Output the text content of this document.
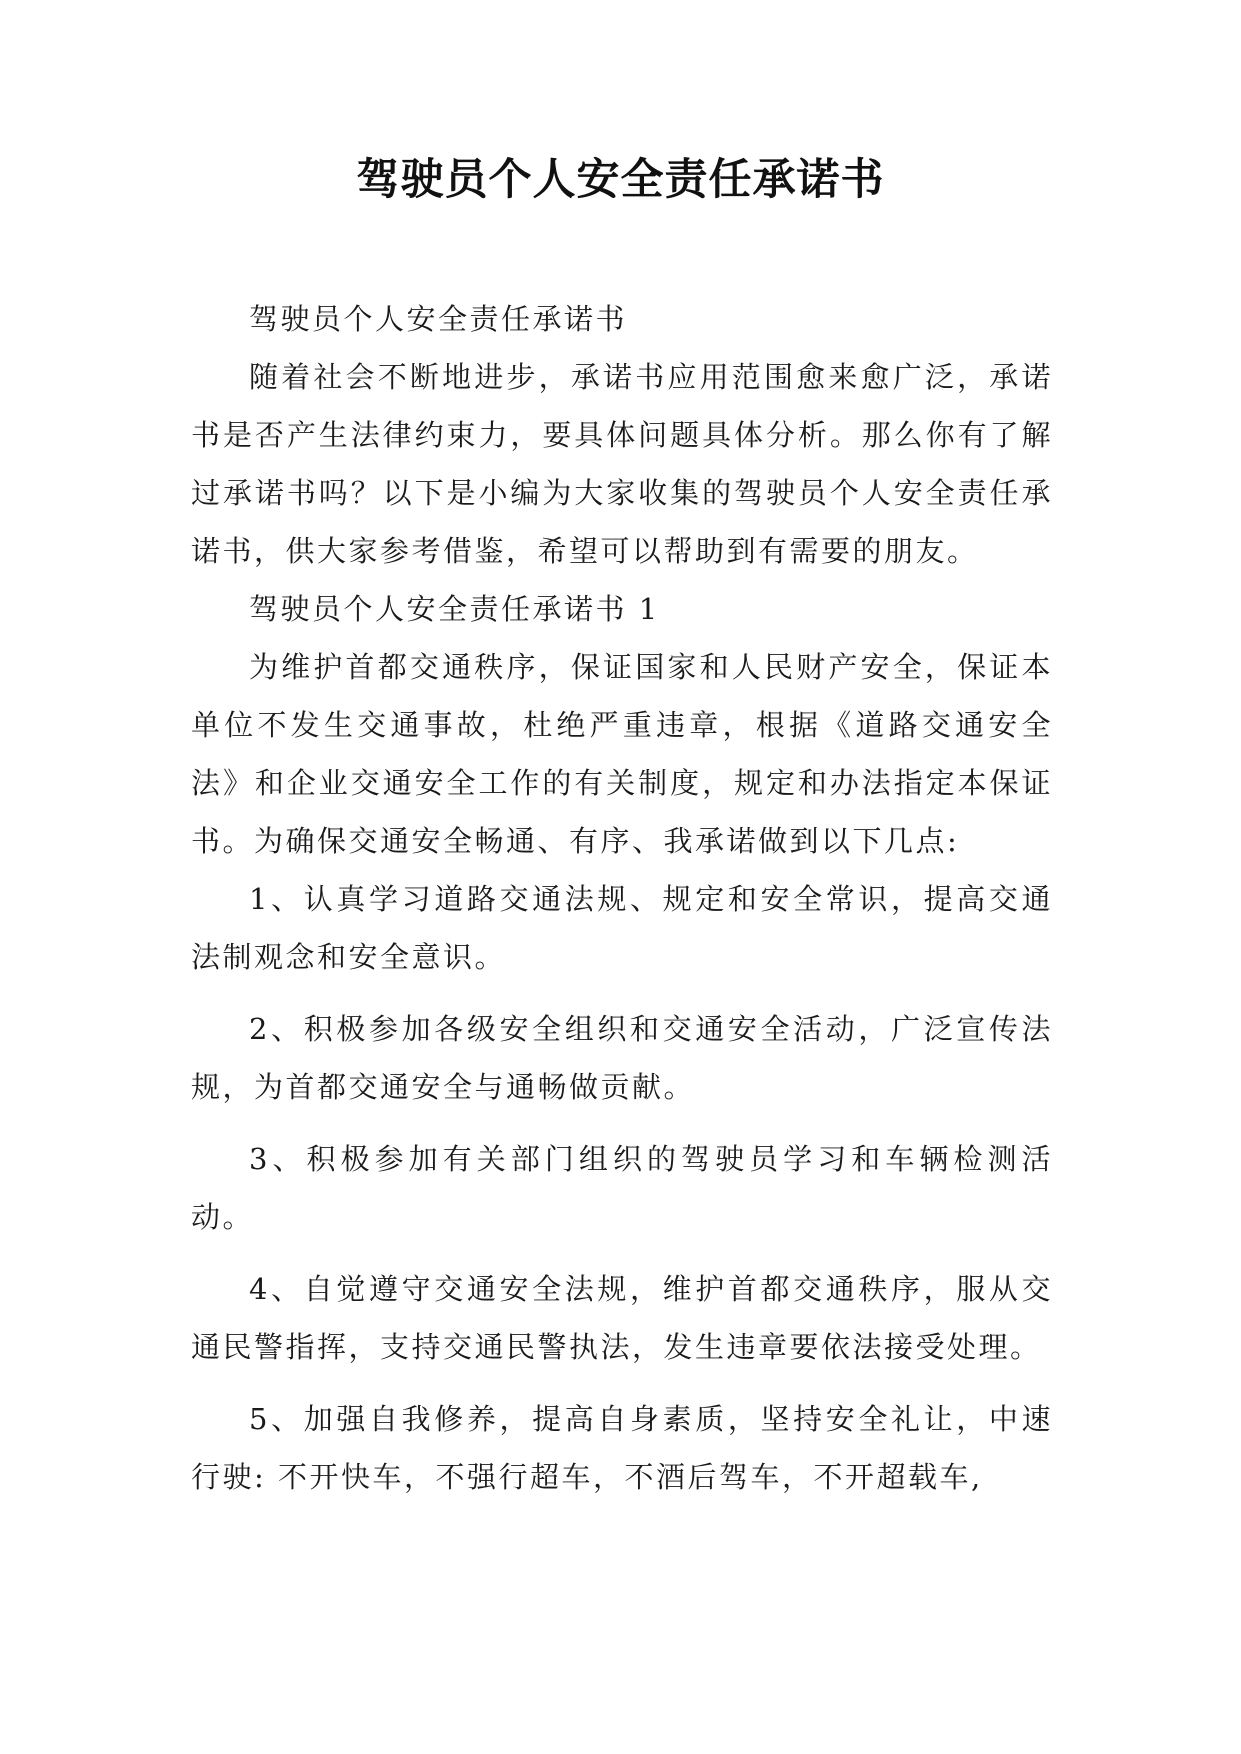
驾驶员个人安全责任承诺书

驾驶员个人安全责任承诺书

随着社会不断地进步，承诺书应用范围愈来愈广泛，承诺书是否产生法律约束力，要具体问题具体分析。那么你有了解过承诺书吗？以下是小编为大家收集的驾驶员个人安全责任承诺书，供大家参考借鉴，希望可以帮助到有需要的朋友。

驾驶员个人安全责任承诺书 1

为维护首都交通秩序，保证国家和人民财产安全，保证本单位不发生交通事故，杜绝严重违章，根据《道路交通安全法》和企业交通安全工作的有关制度，规定和办法指定本保证书。为确保交通安全畅通、有序、我承诺做到以下几点:

1、认真学习道路交通法规、规定和安全常识，提高交通法制观念和安全意识。

2、积极参加各级安全组织和交通安全活动，广泛宣传法规，为首都交通安全与通畅做贡献。

3、积极参加有关部门组织的驾驶员学习和车辆检测活动。

4、自觉遵守交通安全法规，维护首都交通秩序，服从交通民警指挥，支持交通民警执法，发生违章要依法接受处理。

5、加强自我修养，提高自身素质，坚持安全礼让，中速行驶: 不开快车，不强行超车，不酒后驾车，不开超载车,
